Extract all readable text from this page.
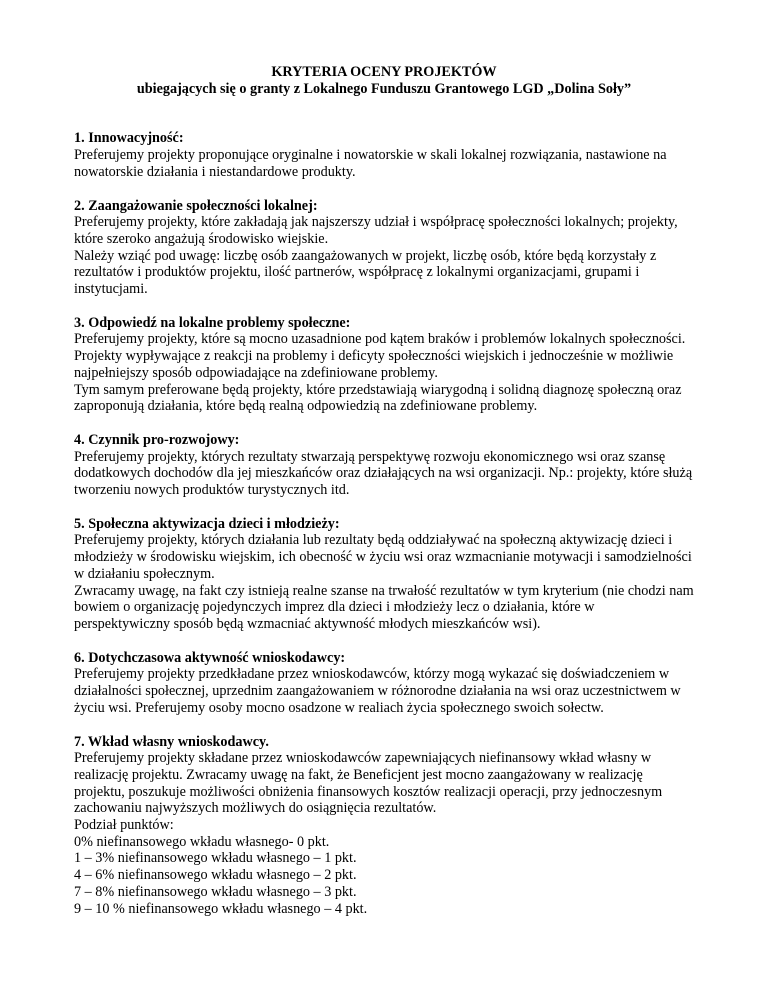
KRYTERIA OCENY PROJEKTÓW

ubiegających się o granty z Lokalnego Funduszu Grantowego LGD „Dolina Soły”

1. Innowacyjność:

Preferujemy projekty proponujące oryginalne i nowatorskie w skali lokalnej rozwiązania, nastawione na nowatorskie działania i niestandardowe produkty.

2. Zaangażowanie społeczności lokalnej:

Preferujemy projekty, które zakładają jak najszerszy udział i współpracę społeczności lokalnych; projekty, które szeroko angażują środowisko wiejskie.

Należy wziąć pod uwagę: liczbę osób zaangażowanych w projekt, liczbę osób, które będą korzystały z rezultatów i produktów projektu, ilość partnerów, współpracę z lokalnymi organizacjami, grupami i instytucjami.

3. Odpowiedź na lokalne problemy społeczne:

Preferujemy projekty, które są mocno uzasadnione pod kątem braków i problemów lokalnych społeczności. Projekty wypływające z reakcji na problemy i deficyty społeczności wiejskich i jednocześnie w możliwie najpełniejszy sposób odpowiadające na zdefiniowane problemy.

Tym samym preferowane będą projekty, które przedstawiają wiarygodną i solidną diagnozę społeczną oraz zaproponują działania, które będą realną odpowiedzią na zdefiniowane problemy.

4. Czynnik pro-rozwojowy:

Preferujemy projekty, których rezultaty stwarzają perspektywę rozwoju ekonomicznego wsi oraz szansę dodatkowych dochodów dla jej mieszkańców oraz działających na wsi organizacji. Np.: projekty, które służą tworzeniu nowych produktów turystycznych itd.

5. Społeczna aktywizacja dzieci i młodzieży:

Preferujemy projekty, których działania lub rezultaty będą oddziaływać na społeczną aktywizację dzieci i młodzieży w środowisku wiejskim, ich obecność w życiu wsi oraz wzmacnianie motywacji i samodzielności w działaniu społecznym.

Zwracamy uwagę, na fakt czy istnieją realne szanse na trwałość rezultatów w tym kryterium (nie chodzi nam bowiem o organizację pojedynczych imprez dla dzieci i młodzieży lecz o działania, które w perspektywiczny sposób będą wzmacniać aktywność młodych mieszkańców wsi).

6. Dotychczasowa aktywność wnioskodawcy:

Preferujemy projekty przedkładane przez wnioskodawców, którzy mogą wykazać się doświadczeniem w działalności społecznej, uprzednim zaangażowaniem w różnorodne działania na wsi oraz uczestnictwem w życiu wsi. Preferujemy osoby mocno osadzone w realiach życia społecznego swoich sołectw.

7. Wkład własny wnioskodawcy.

Preferujemy projekty składane przez wnioskodawców zapewniających niefinansowy wkład własny w realizację projektu. Zwracamy uwagę na fakt, że Beneficjent jest mocno zaangażowany w realizację projektu, poszukuje możliwości obniżenia finansowych kosztów realizacji operacji, przy jednoczesnym zachowaniu najwyższych możliwych do osiągnięcia rezultatów.

Podział punktów:

0% niefinansowego wkładu własnego- 0 pkt.
1 – 3% niefinansowego wkładu własnego – 1 pkt.
4 – 6% niefinansowego wkładu własnego – 2 pkt.
7 – 8% niefinansowego wkładu własnego – 3 pkt.
9 – 10 % niefinansowego wkładu własnego – 4 pkt.
